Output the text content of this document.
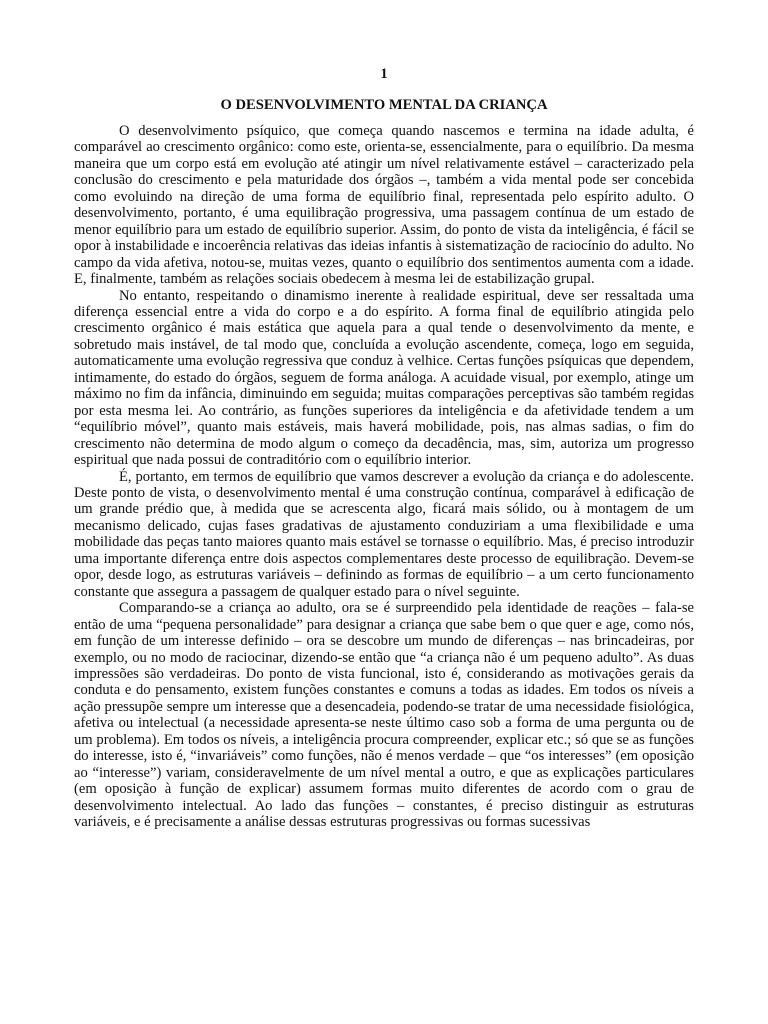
1
O DESENVOLVIMENTO MENTAL DA CRIANÇA

O desenvolvimento psíquico, que começa quando nascemos e termina na idade adulta, é comparável ao crescimento orgânico: como este, orienta-se, essencialmente, para o equilíbrio. Da mesma maneira que um corpo está em evolução até atingir um nível relativamente estável – caracterizado pela conclusão do crescimento e pela maturidade dos órgãos –, também a vida mental pode ser concebida como evoluindo na direção de uma forma de equilíbrio final, representada pelo espírito adulto. O desenvolvimento, portanto, é uma equilibração progressiva, uma passagem contínua de um estado de menor equilíbrio para um estado de equilíbrio superior. Assim, do ponto de vista da inteligência, é fácil se opor à instabilidade e incoerência relativas das ideias infantis à sistematização de raciocínio do adulto. No campo da vida afetiva, notou-se, muitas vezes, quanto o equilíbrio dos sentimentos aumenta com a idade. E, finalmente, também as relações sociais obedecem à mesma lei de estabilização grupal.

No entanto, respeitando o dinamismo inerente à realidade espiritual, deve ser ressaltada uma diferença essencial entre a vida do corpo e a do espírito. A forma final de equilíbrio atingida pelo crescimento orgânico é mais estática que aquela para a qual tende o desenvolvimento da mente, e sobretudo mais instável, de tal modo que, concluída a evolução ascendente, começa, logo em seguida, automaticamente uma evolução regressiva que conduz à velhice. Certas funções psíquicas que dependem, intimamente, do estado do órgãos, seguem de forma análoga. A acuidade visual, por exemplo, atinge um máximo no fim da infância, diminuindo em seguida; muitas comparações perceptivas são também regidas por esta mesma lei. Ao contrário, as funções superiores da inteligência e da afetividade tendem a um “equilíbrio móvel”, quanto mais estáveis, mais haverá mobilidade, pois, nas almas sadias, o fim do crescimento não determina de modo algum o começo da decadência, mas, sim, autoriza um progresso espiritual que nada possui de contraditório com o equilíbrio interior.

É, portanto, em termos de equilíbrio que vamos descrever a evolução da criança e do adolescente. Deste ponto de vista, o desenvolvimento mental é uma construção contínua, comparável à edificação de um grande prédio que, à medida que se acrescenta algo, ficará mais sólido, ou à montagem de um mecanismo delicado, cujas fases gradativas de ajustamento conduziriam a uma flexibilidade e uma mobilidade das peças tanto maiores quanto mais estável se tornasse o equilíbrio. Mas, é preciso introduzir uma importante diferença entre dois aspectos complementares deste processo de equilibração. Devem-se opor, desde logo, as estruturas variáveis – definindo as formas de equilíbrio – a um certo funcionamento constante que assegura a passagem de qualquer estado para o nível seguinte.

Comparando-se a criança ao adulto, ora se é surpreendido pela identidade de reações – fala-se então de uma “pequena personalidade” para designar a criança que sabe bem o que quer e age, como nós, em função de um interesse definido – ora se descobre um mundo de diferenças – nas brincadeiras, por exemplo, ou no modo de raciocinar, dizendo-se então que “a criança não é um pequeno adulto”. As duas impressões são verdadeiras. Do ponto de vista funcional, isto é, considerando as motivações gerais da conduta e do pensamento, existem funções constantes e comuns a todas as idades. Em todos os níveis a ação pressupõe sempre um interesse que a desencadeia, podendo-se tratar de uma necessidade fisiológica, afetiva ou intelectual (a necessidade apresenta-se neste último caso sob a forma de uma pergunta ou de um problema). Em todos os níveis, a inteligência procura compreender, explicar etc.; só que se as funções do interesse, isto é, “invariáveis” como funções, não é menos verdade – que “os interesses” (em oposição ao “interesse”) variam, consideravelmente de um nível mental a outro, e que as explicações particulares (em oposição à função de explicar) assumem formas muito diferentes de acordo com o grau de desenvolvimento intelectual. Ao lado das funções – constantes, é preciso distinguir as estruturas variáveis, e é precisamente a análise dessas estruturas progressivas ou formas sucessivas
